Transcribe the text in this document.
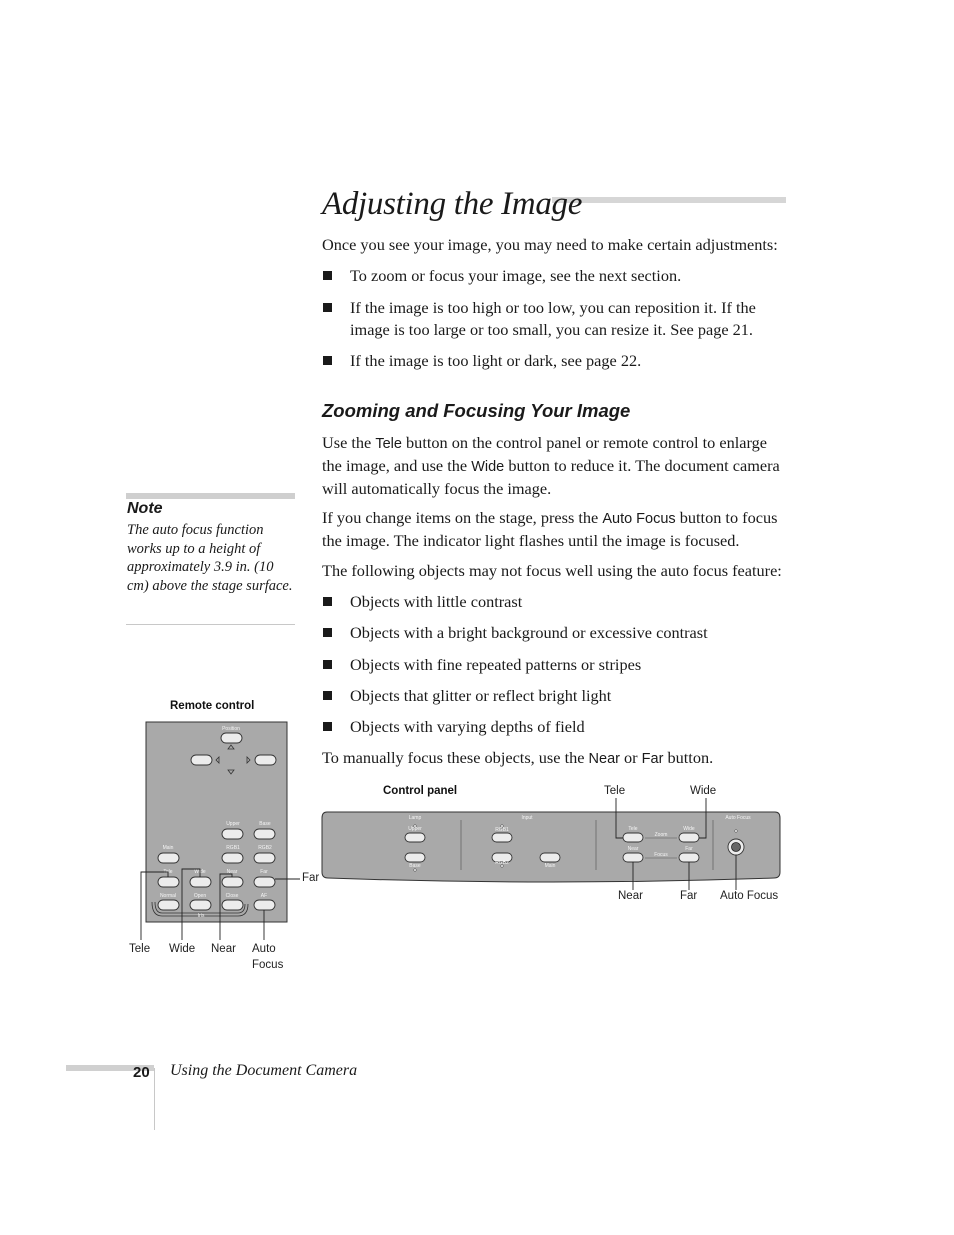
Adjusting the Image
Once you see your image, you may need to make certain adjustments:
To zoom or focus your image, see the next section.
If the image is too high or too low, you can reposition it. If the image is too large or too small, you can resize it. See page 21.
If the image is too light or dark, see page 22.
Zooming and Focusing Your Image
Use the Tele button on the control panel or remote control to enlarge the image, and use the Wide button to reduce it. The document camera will automatically focus the image.
If you change items on the stage, press the Auto Focus button to focus the image. The indicator light flashes until the image is focused.
The following objects may not focus well using the auto focus feature:
Objects with little contrast
Objects with a bright background or excessive contrast
Objects with fine repeated patterns or stripes
Objects that glitter or reflect bright light
Objects with varying depths of field
To manually focus these objects, use the Near or Far button.
Note
The auto focus function works up to a height of approximately 3.9 in. (10 cm) above the stage surface.
Remote control
Position
Upper	Base
Main	RGB1	RGB2
Tele	Wide	Near	Far
Normal	Open	Close	AF
Iris
Far
Tele Wide Near Auto
Focus
Control panel	Tele	Wide
Lamp
Upper
Base
Input
RGB1
RGB2	Main
Tele	Wide
Zoom
Near	Far
Focus
Auto Focus
Near	Far Auto Focus
20 Using the Document Camera
